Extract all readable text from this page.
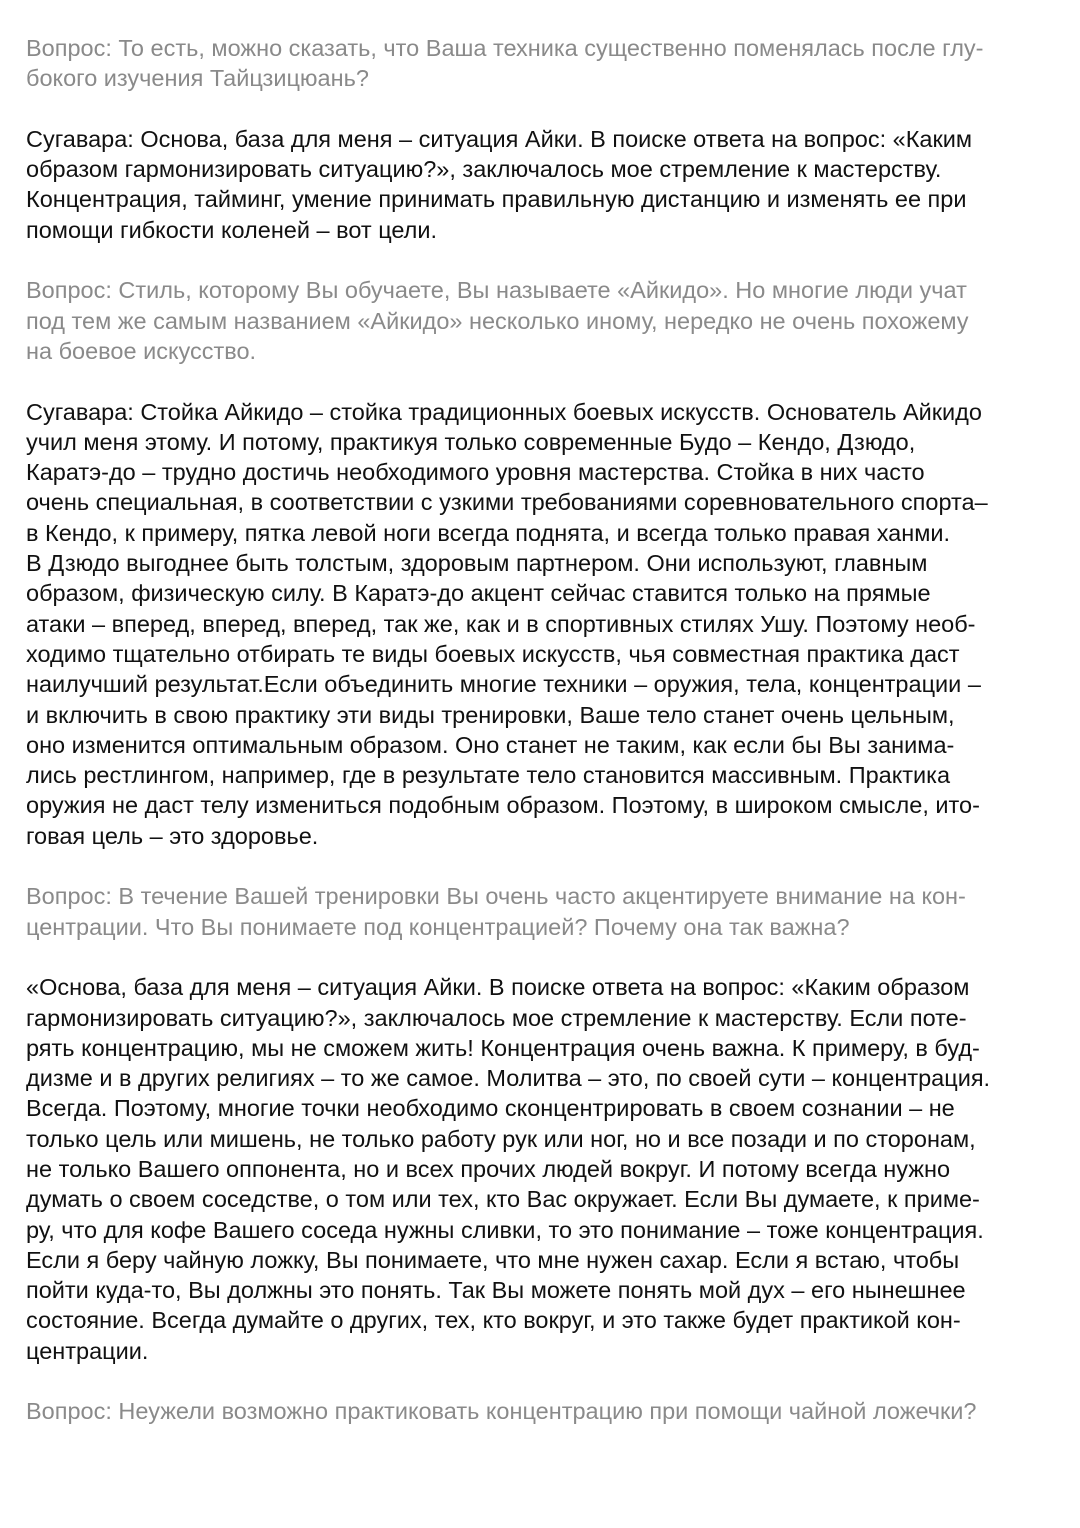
Вопрос: То есть, можно сказать, что Ваша техника существенно поменялась после глу-
бокого изучения Тайцзицюань?
Сугавара: Основа, база для меня – ситуация Айки. В поиске ответа на вопрос: «Каким
образом гармонизировать ситуацию?», заключалось мое стремление к мастерству.
Концентрация, тайминг, умение принимать правильную дистанцию и изменять ее при
помощи гибкости коленей – вот цели.
Вопрос: Стиль, которому Вы обучаете, Вы называете «Айкидо». Но многие люди учат
под тем же самым названием «Айкидо» несколько иному, нередко не очень похожему
на боевое искусство.
Сугавара: Стойка Айкидо – стойка традиционных боевых искусств. Основатель Айкидо
учил меня этому. И потому, практикуя только современные Будо – Кендо, Дзюдо,
Каратэ-до – трудно достичь необходимого уровня мастерства. Стойка в них часто
очень специальная, в соответствии с узкими требованиями соревновательного спорта–
в Кендо, к примеру, пятка левой ноги всегда поднята, и всегда только правая ханми.
В Дзюдо выгоднее быть толстым, здоровым партнером. Они используют, главным
образом, физическую силу. В Каратэ-до акцент сейчас ставится только на прямые
атаки – вперед, вперед, вперед, так же, как и в спортивных стилях Ушу. Поэтому необ-
ходимо тщательно отбирать те виды боевых искусств, чья совместная практика даст
наилучший результат.Если объединить многие техники – оружия, тела, концентрации –
и включить в свою практику эти виды тренировки, Ваше тело станет очень цельным,
оно изменится оптимальным образом. Оно станет не таким, как если бы Вы занима-
лись рестлингом, например, где в результате тело становится массивным. Практика
оружия не даст телу измениться подобным образом. Поэтому, в широком смысле, ито-
говая цель – это здоровье.
Вопрос: В течение Вашей тренировки Вы очень часто акцентируете внимание на кон-
центрации. Что Вы понимаете под концентрацией? Почему она так важна?
«Основа, база для меня – ситуация Айки. В поиске ответа на вопрос: «Каким образом
гармонизировать ситуацию?», заключалось мое стремление к мастерству. Если поте-
рять концентрацию, мы не сможем жить! Концентрация очень важна. К примеру, в буд-
дизме и в других религиях – то же самое. Молитва – это, по своей сути – концентрация.
Всегда. Поэтому, многие точки необходимо сконцентрировать в своем сознании – не
только цель или мишень, не только работу рук или ног, но и все позади и по сторонам,
не только Вашего оппонента, но и всех прочих людей вокруг. И потому всегда нужно
думать о своем соседстве, о том или тех, кто Вас окружает. Если Вы думаете, к приме-
ру, что для кофе Вашего соседа нужны сливки, то это понимание – тоже концентрация.
Если я беру чайную ложку, Вы понимаете, что мне нужен сахар. Если я встаю, чтобы
пойти куда-то, Вы должны это понять. Так Вы можете понять мой дух – его нынешнее
состояние. Всегда думайте о других, тех, кто вокруг, и это также будет практикой кон-
центрации.
Вопрос: Неужели возможно практиковать концентрацию при помощи чайной ложечки?
